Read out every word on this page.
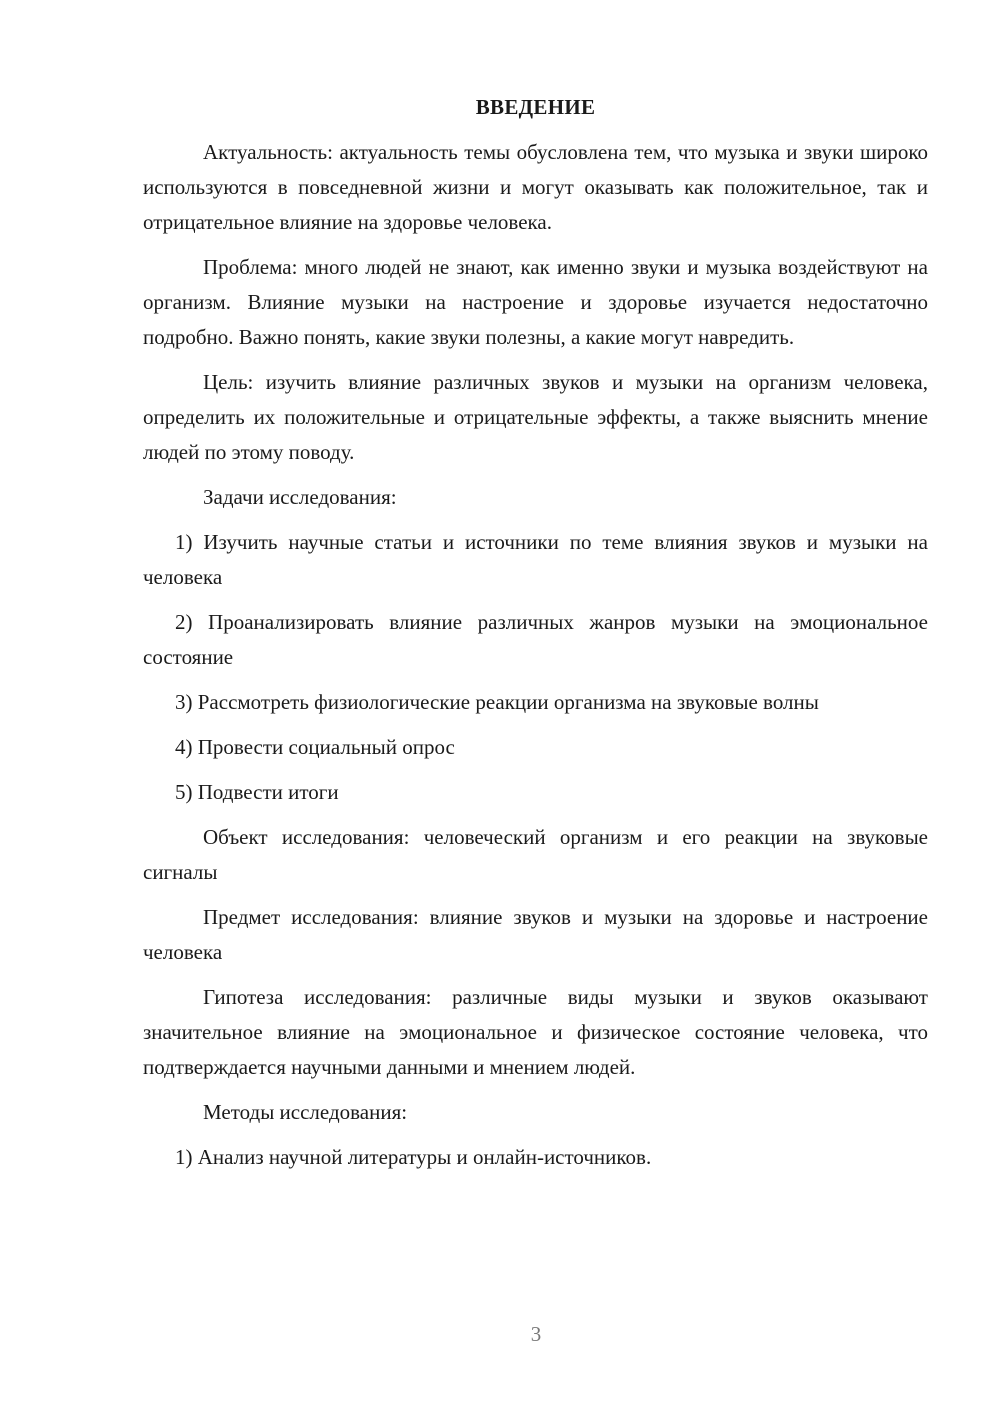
ВВЕДЕНИЕ
Актуальность: актуальность темы обусловлена тем, что музыка и звуки широко используются в повседневной жизни и могут оказывать как положительное, так и отрицательное влияние на здоровье человека.
Проблема: много людей не знают, как именно звуки и музыка воздействуют на организм. Влияние музыки на настроение и здоровье изучается недостаточно подробно. Важно понять, какие звуки полезны, а какие могут навредить.
Цель: изучить влияние различных звуков и музыки на организм человека, определить их положительные и отрицательные эффекты, а также выяснить мнение людей по этому поводу.
Задачи исследования:
1) Изучить научные статьи и источники по теме влияния звуков и музыки на человека
2) Проанализировать влияние различных жанров музыки на эмоциональное состояние
3) Рассмотреть физиологические реакции организма на звуковые волны
4) Провести социальный опрос
5) Подвести итоги
Объект исследования: человеческий организм и его реакции на звуковые сигналы
Предмет исследования: влияние звуков и музыки на здоровье и настроение человека
Гипотеза исследования: различные виды музыки и звуков оказывают значительное влияние на эмоциональное и физическое состояние человека, что подтверждается научными данными и мнением людей.
Методы исследования:
1) Анализ научной литературы и онлайн-источников.
3
